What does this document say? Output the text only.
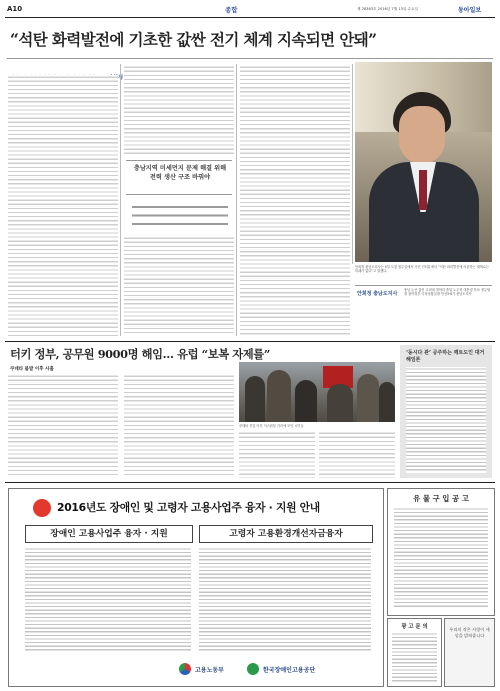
A10	종합	제 28363호 2016년 7월 13일 수요일	동아일보
“석탄 화력발전에 기초한 값싼 전기 체계 지속되면 안돼”
충남지역 미세먼지 문제 해결 위해 전력 생산 구조 바꿔야
안희정 충남도지사는 5일 도청 집무실에서 가진 인터뷰에서 “석탄 화력발전에 의존하는 체계로는 미래가 없다”고 말했다.
안희정 충남도지사
충남 논산 출신 고려대 철학과 졸업 노무현 대통령 후보 정무팀장 참여정부 국정상황실장 민선5·6기 충남도지사
터키 정부, 공무원 9000명 해임… 유럽 “보복 자제를”
쿠데타 불발 이후 사흘
쿠데타 진압 이후 이스탄불 거리에 모인 시민들
‘동시다 관’ 공주하는 깨트도인 대거 해임론
2016년도 장애인 및 고령자 고용사업주 융자 · 지원 안내
장애인 고용사업주 융자 · 지원	고령자 고용환경개선자금융자
고용노동부	한국장애인고용공단
유 물 구 입 공 고
광 고 문 의	우리의 작은 사랑이 세상을 밝혀줍니다
